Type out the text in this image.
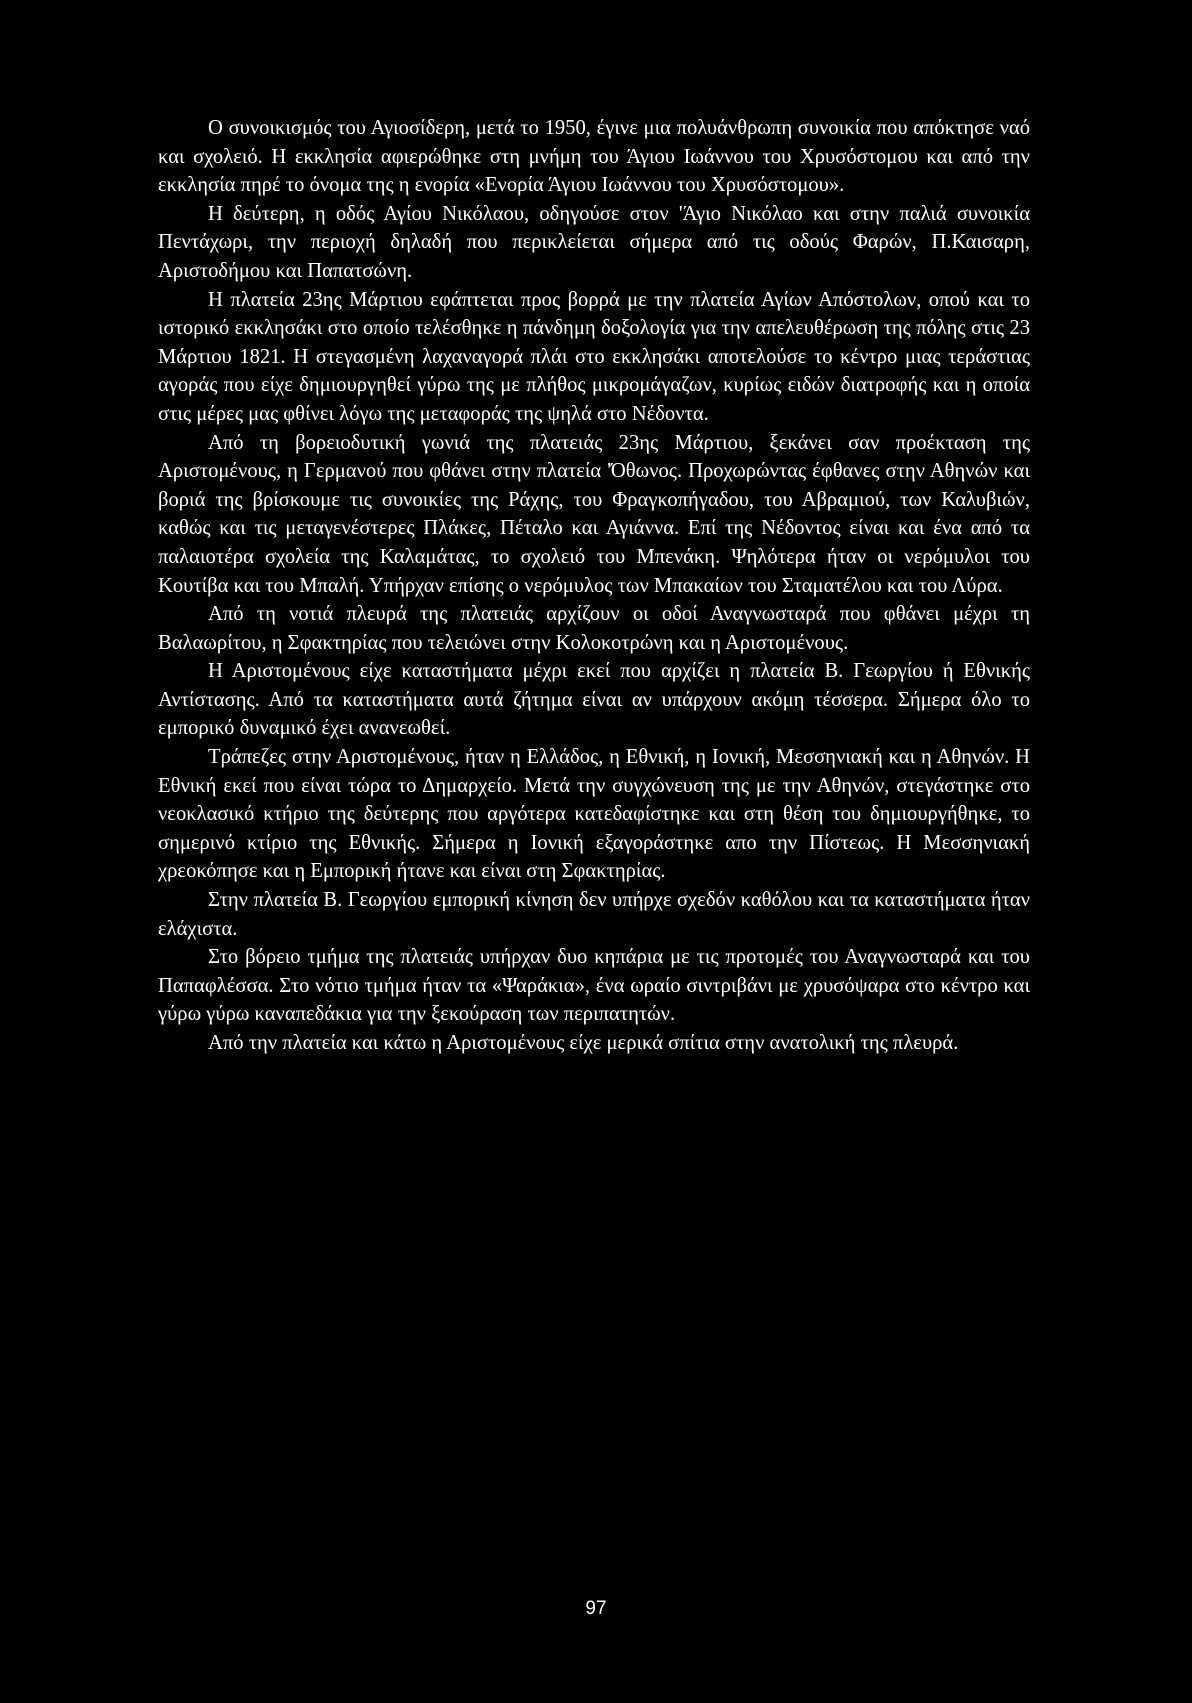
Ο συνοικισμός του Αγιοσίδερη, μετά το 1950, έγινε μια πολυάνθρωπη συνοικία που απόκτησε ναό και σχολειό. Η εκκλησία αφιερώθηκε στη μνήμη του Άγιου Ιωάννου του Χρυσόστομου και από την εκκλησία πηρέ το όνομα της η ενορία «Ενορία Άγιου Ιωάννου του Χρυσόστομου».

Η δεύτερη, η οδός Αγίου Νικόλαου, οδηγούσε στον 'Άγιο Νικόλαο και στην παλιά συνοικία Πεντάχωρι, την περιοχή δηλαδή που περικλείεται σήμερα από τις οδούς Φαρών, Π.Καισαρη, Αριστοδήμου και Παπατσώνη.

Η πλατεία 23ης Μάρτιου εφάπτεται προς βορρά με την πλατεία Αγίων Απόστολων, οπού και το ιστορικό εκκλησάκι στο οποίο τελέσθηκε η πάνδημη δοξολογία για την απελευθέρωση της πόλης στις 23 Μάρτιου 1821. Η στεγασμένη λαχαναγορά πλάι στο εκκλησάκι αποτελούσε το κέντρο μιας τεράστιας αγοράς που είχε δημιουργηθεί γύρω της με πλήθος μικρομάγαζων, κυρίως ειδών διατροφής και η οποία στις μέρες μας φθίνει λόγω της μεταφοράς της ψηλά στο Νέδοντα.

Από τη βορειοδυτική γωνιά της πλατειάς 23ης Μάρτιου, ξεκάνει σαν προέκταση της Αριστομένους, η Γερμανού που φθάνει στην πλατεία 'Όθωνος. Προχωρώντας έφθανες στην Αθηνών και βοριά της βρίσκουμε τις συνοικίες της Ράχης, του Φραγκοπήγαδου, του Αβραμιού, των Καλυβιών, καθώς και τις μεταγενέστερες Πλάκες, Πέταλο και Αγιάννα. Επί της Νέδοντος είναι και ένα από τα παλαιοτέρα σχολεία της Καλαμάτας, το σχολειό του Μπενάκη. Ψηλότερα ήταν οι νερόμυλοι του Κουτίβα και του Μπαλή. Υπήρχαν επίσης ο νερόμυλος των Μπακαίων του Σταματέλου και του Λύρα.

Από τη νοτιά πλευρά της πλατειάς αρχίζουν οι οδοί Αναγνωσταρά που φθάνει μέχρι τη Βαλαωρίτου, η Σφακτηρίας που τελειώνει στην Κολοκοτρώνη και η Αριστομένους.

Η Αριστομένους είχε καταστήματα μέχρι εκεί που αρχίζει η πλατεία Β. Γεωργίου ή Εθνικής Αντίστασης. Από τα καταστήματα αυτά ζήτημα είναι αν υπάρχουν ακόμη τέσσερα. Σήμερα όλο το εμπορικό δυναμικό έχει ανανεωθεί.

Τράπεζες στην Αριστομένους, ήταν η Ελλάδος, η Εθνική, η Ιονική, Μεσσηνιακή και η Αθηνών. Η Εθνική εκεί που είναι τώρα το Δημαρχείο. Μετά την συγχώνευση της με την Αθηνών, στεγάστηκε στο νεοκλασικό κτήριο της δεύτερης που αργότερα κατεδαφίστηκε και στη θέση του δημιουργήθηκε, το σημερινό κτίριο της Εθνικής. Σήμερα η Ιονική εξαγοράστηκε απο την Πίστεως. Η Μεσσηνιακή χρεοκόπησε και η Εμπορική ήτανε και είναι στη Σφακτηρίας.

Στην πλατεία Β. Γεωργίου εμπορική κίνηση δεν υπήρχε σχεδόν καθόλου και τα καταστήματα ήταν ελάχιστα.

Στο βόρειο τμήμα της πλατειάς υπήρχαν δυο κηπάρια με τις προτομές του Αναγνωσταρά και του Παπαφλέσσα. Στο νότιο τμήμα ήταν τα «Ψαράκια», ένα ωραίο σιντριβάνι με χρυσόψαρα στο κέντρο και γύρω γύρω καναπεδάκια για την ξεκούραση των περιπατητών.

Από την πλατεία και κάτω η Αριστομένους είχε μερικά σπίτια στην ανατολική της πλευρά.

97
